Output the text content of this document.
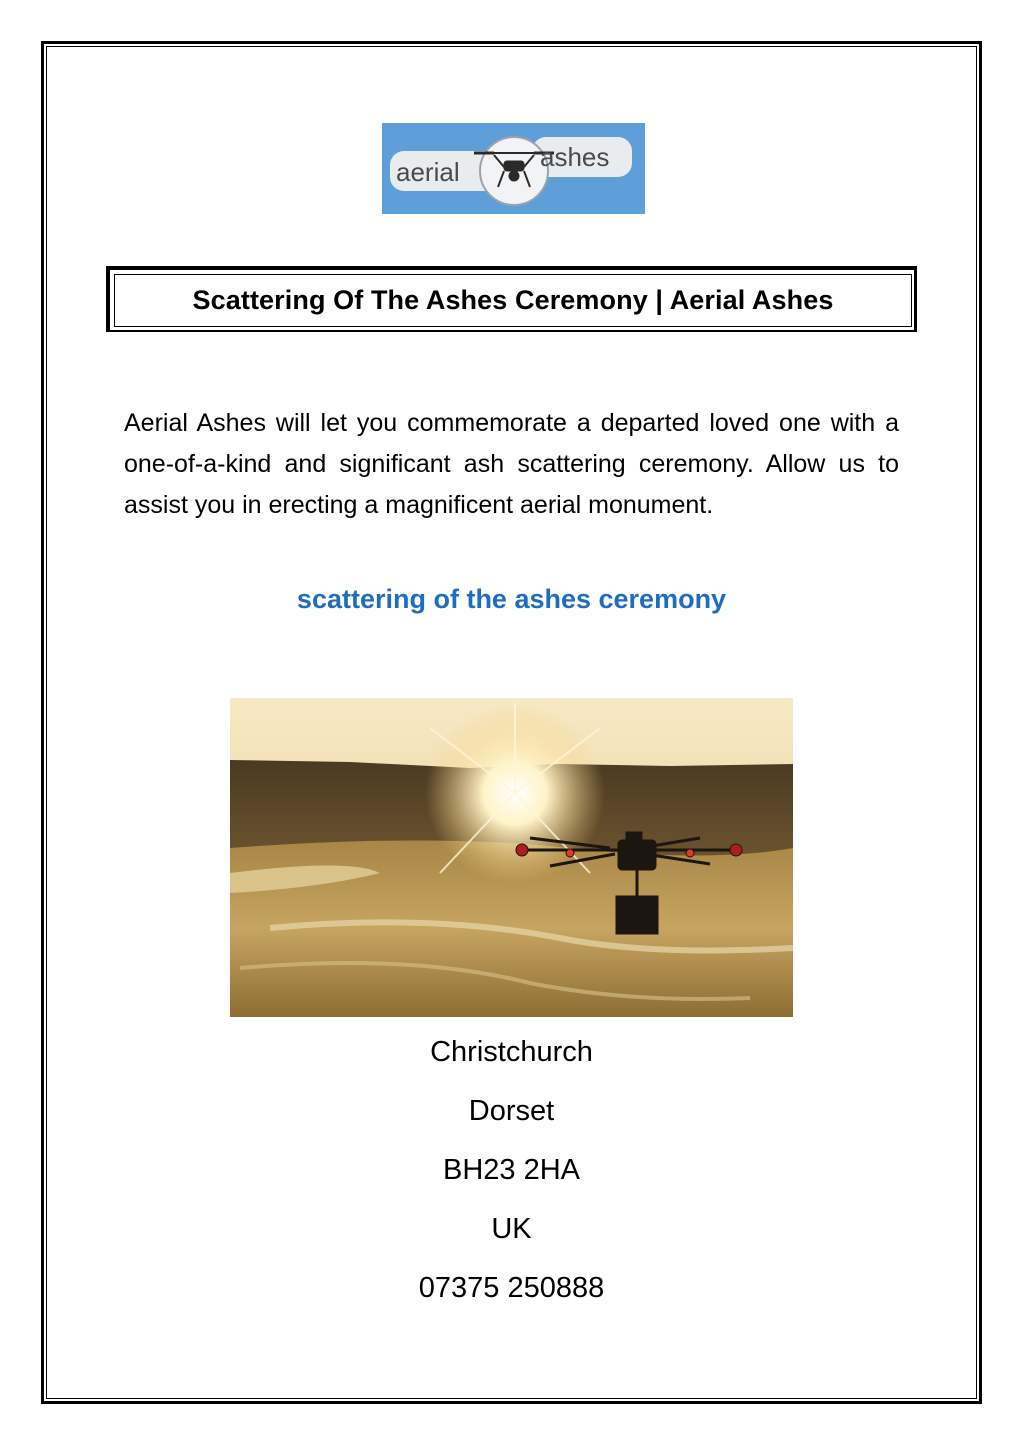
aerial	ashes
Scattering Of The Ashes Ceremony | Aerial Ashes

Aerial Ashes will let you commemorate a departed loved one with a one-of-a-kind and significant ash scattering ceremony. Allow us to assist you in erecting a magnificent aerial monument.

scattering of the ashes ceremony
Christchurch
Dorset
BH23 2HA
UK
07375 250888
